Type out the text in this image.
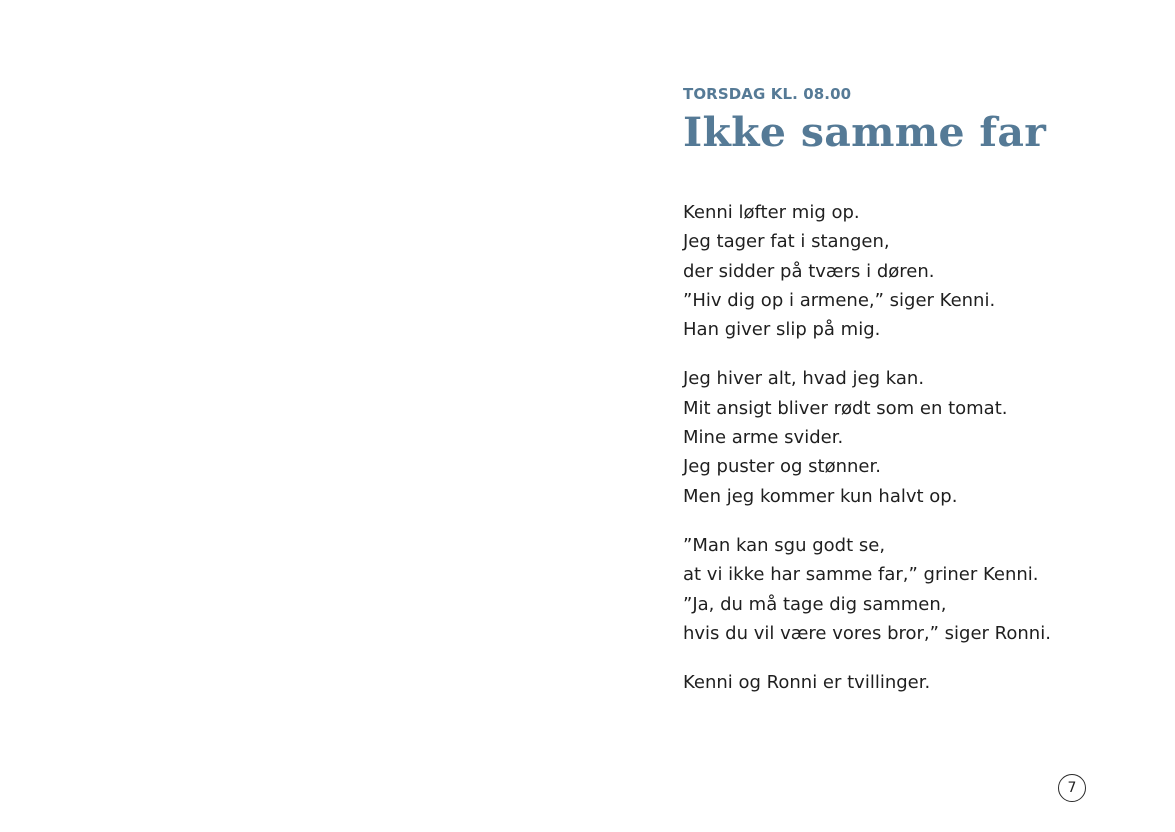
TORSDAG KL. 08.00

Ikke samme far
Kenni løfter mig op.
Jeg tager fat i stangen,
der sidder på tværs i døren.
”Hiv dig op i armene,” siger Kenni.
Han giver slip på mig.
Jeg hiver alt, hvad jeg kan.
Mit ansigt bliver rødt som en tomat.
Mine arme svider.
Jeg puster og stønner.
Men jeg kommer kun halvt op.
”Man kan sgu godt se,
at vi ikke har samme far,” griner Kenni.
”Ja, du må tage dig sammen,
hvis du vil være vores bror,” siger Ronni.
Kenni og Ronni er tvillinger.
7
